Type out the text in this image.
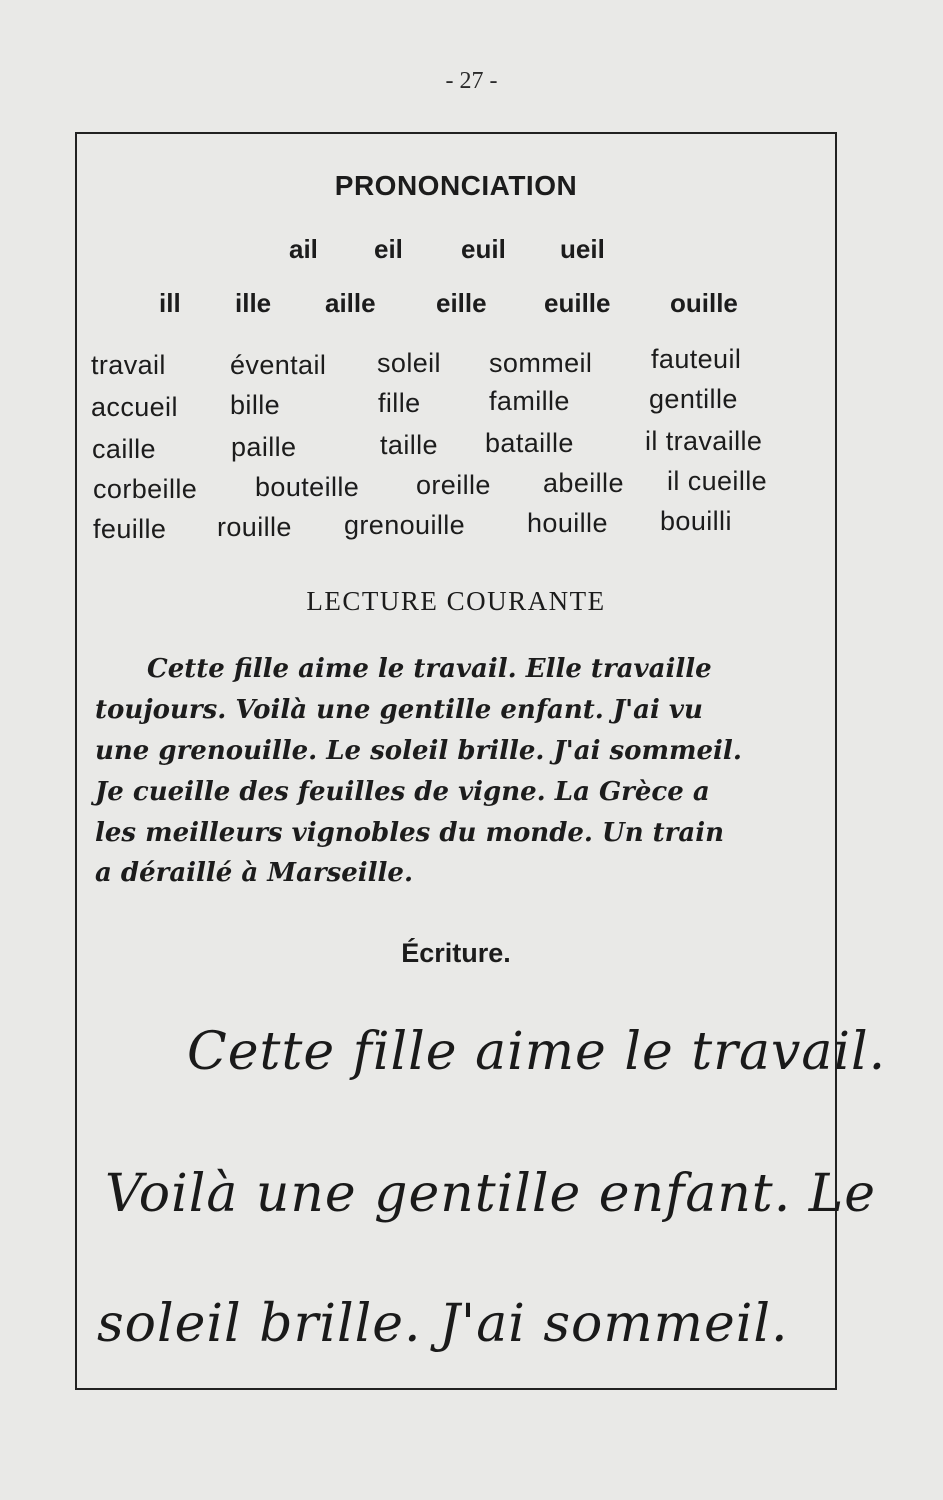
- 27 -
PRONONCIATION
ail eil euil ueil
ill ille aille eille euille ouille
travail éventail soleil sommeil fauteuil
accueil bille	fille	famille	gentille
caille	paille	taille bataille	il travaille
corbeille bouteille oreille abeille il cueille
feuille rouille grenouille houille bouilli
LECTURE COURANTE
Cette fille aime le travail. Elle travaille
toujours. Voilà une gentille enfant. J'ai vu
une grenouille. Le soleil brille. J'ai sommeil.
Je cueille des feuilles de vigne. La Grèce a
les meilleurs vignobles du monde. Un train
a déraillé à Marseille.
Écriture.
Cette fille aime le travail.
Voilà une gentille enfant. Le
soleil brille. J'ai sommeil.
